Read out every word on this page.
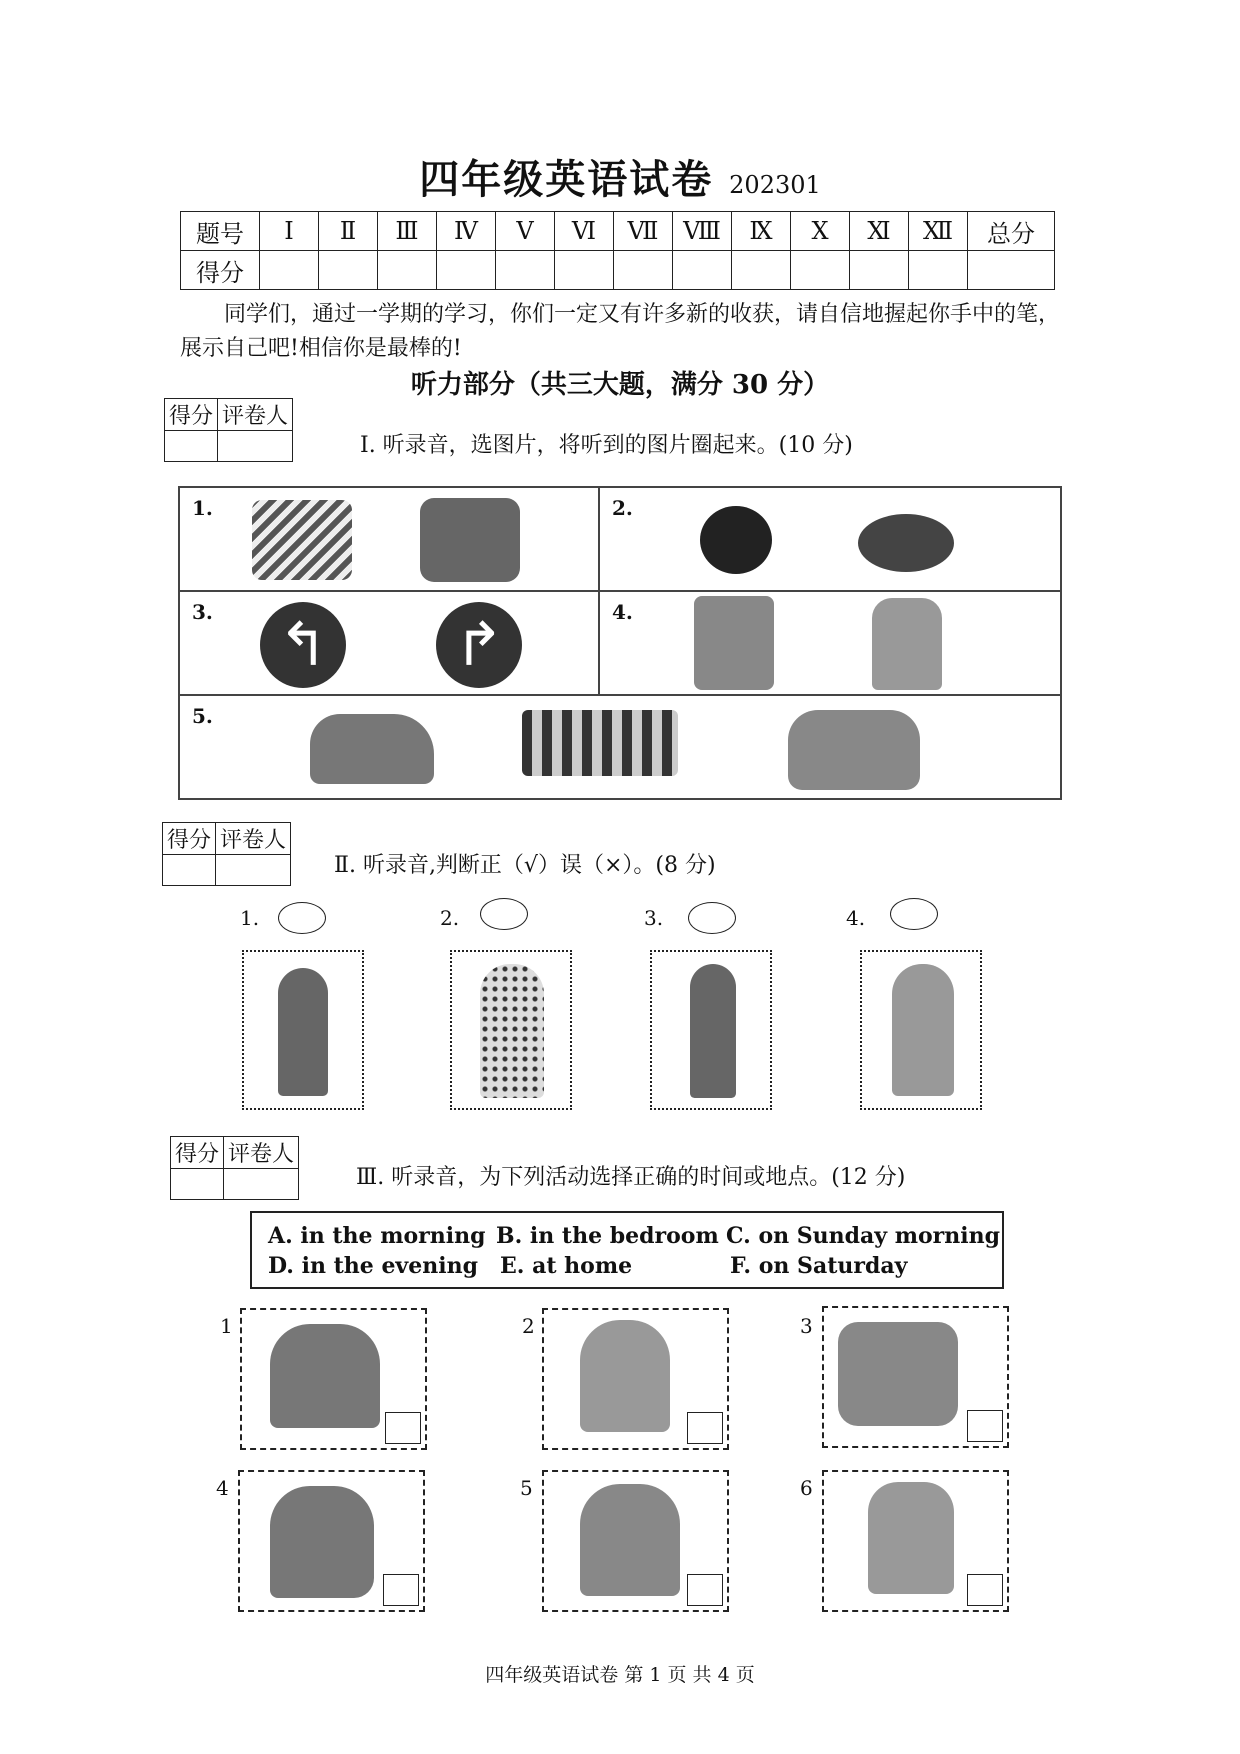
四年级英语试卷 202301
题号	Ⅰ	Ⅱ	Ⅲ	Ⅳ	Ⅴ	Ⅵ	Ⅶ	Ⅷ	Ⅸ	Ⅹ	Ⅺ	Ⅻ	总分
得分													
同学们，通过一学期的学习，你们一定又有许多新的收获，请自信地握起你手中的笔，展示自己吧!相信你是最棒的!
听力部分（共三大题，满分 30 分）
得分	评卷人

Ⅰ. 听录音，选图片，将听到的图片圈起来。(10 分)
1.	2.
3. ↰ ↱	4.
5.
得分	评卷人

Ⅱ. 听录音,判断正（√）误（×）。(8 分)
1.	2.	3.	4.
得分	评卷人

Ⅲ. 听录音，为下列活动选择正确的时间或地点。(12 分)
A. in the morning B. in the bedroom C. on Sunday morning
D. in the evening E. at home	F. on Saturday
1	2	3
4	5	6
四年级英语试卷 第 1 页 共 4 页
